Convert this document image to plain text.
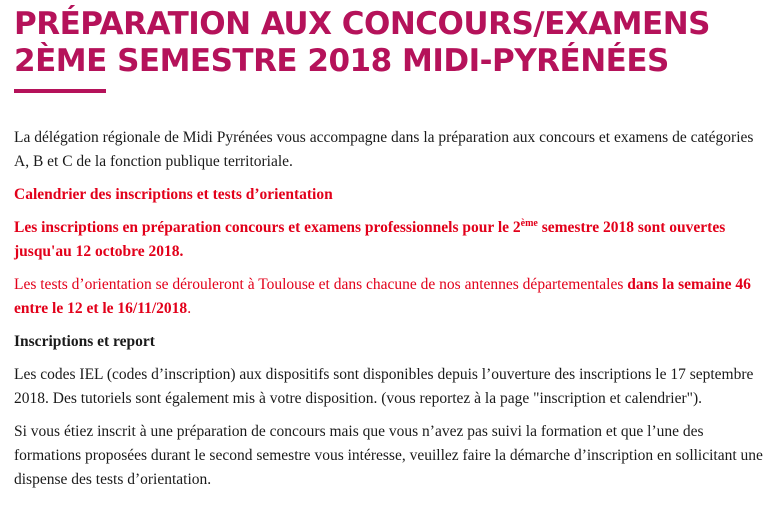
PRÉPARATION AUX CONCOURS/EXAMENS 2ÈME SEMESTRE 2018 MIDI-PYRÉNÉES

La délégation régionale de Midi Pyrénées vous accompagne dans la préparation aux concours et examens de catégories A, B et C de la fonction publique territoriale.

Calendrier des inscriptions et tests d’orientation

Les inscriptions en préparation concours et examens professionnels pour le 2ème semestre 2018 sont ouvertes jusqu'au 12 octobre 2018.

Les tests d’orientation se dérouleront à Toulouse et dans chacune de nos antennes départementales dans la semaine 46 entre le 12 et le 16/11/2018.

Inscriptions et report

Les codes IEL (codes d’inscription) aux dispositifs sont disponibles depuis l’ouverture des inscriptions le 17 septembre 2018. Des tutoriels sont également mis à votre disposition. (vous reportez à la page "inscription et calendrier").

Si vous étiez inscrit à une préparation de concours mais que vous n’avez pas suivi la formation et que l’une des formations proposées durant le second semestre vous intéresse, veuillez faire la démarche d’inscription en sollicitant une dispense des tests d’orientation.
